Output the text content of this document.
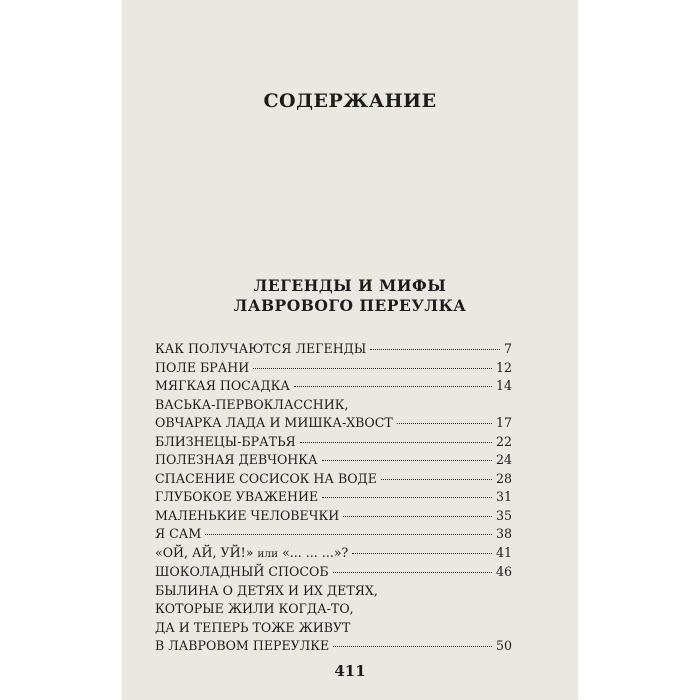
СОДЕРЖАНИЕ
ЛЕГЕНДЫ И МИФЫ
ЛАВРОВОГО ПЕРЕУЛКА
КАК ПОЛУЧАЮТСЯ ЛЕГЕНДЫ	7
ПОЛЕ БРАНИ	12
МЯГКАЯ ПОСАДКА	14
ВАСЬКА-ПЕРВОКЛАССНИК,
ОВЧАРКА ЛАДА И МИШКА-ХВОСТ	17
БЛИЗНЕЦЫ-БРАТЬЯ	22
ПОЛЕЗНАЯ ДЕВЧОНКА	24
СПАСЕНИЕ СОСИСОК НА ВОДЕ	28
ГЛУБОКОЕ УВАЖЕНИЕ	31
МАЛЕНЬКИЕ ЧЕЛОВЕЧКИ	35
Я САМ	38
«ОЙ, АЙ, УЙ!» или «... ... ...»?	41
ШОКОЛАДНЫЙ СПОСОБ	46
БЫЛИНА О ДЕТЯХ И ИХ ДЕТЯХ,
КОТОРЫЕ ЖИЛИ КОГДА-ТО,
ДА И ТЕПЕРЬ ТОЖЕ ЖИВУТ
В ЛАВРОВОМ ПЕРЕУЛКЕ	50
411
